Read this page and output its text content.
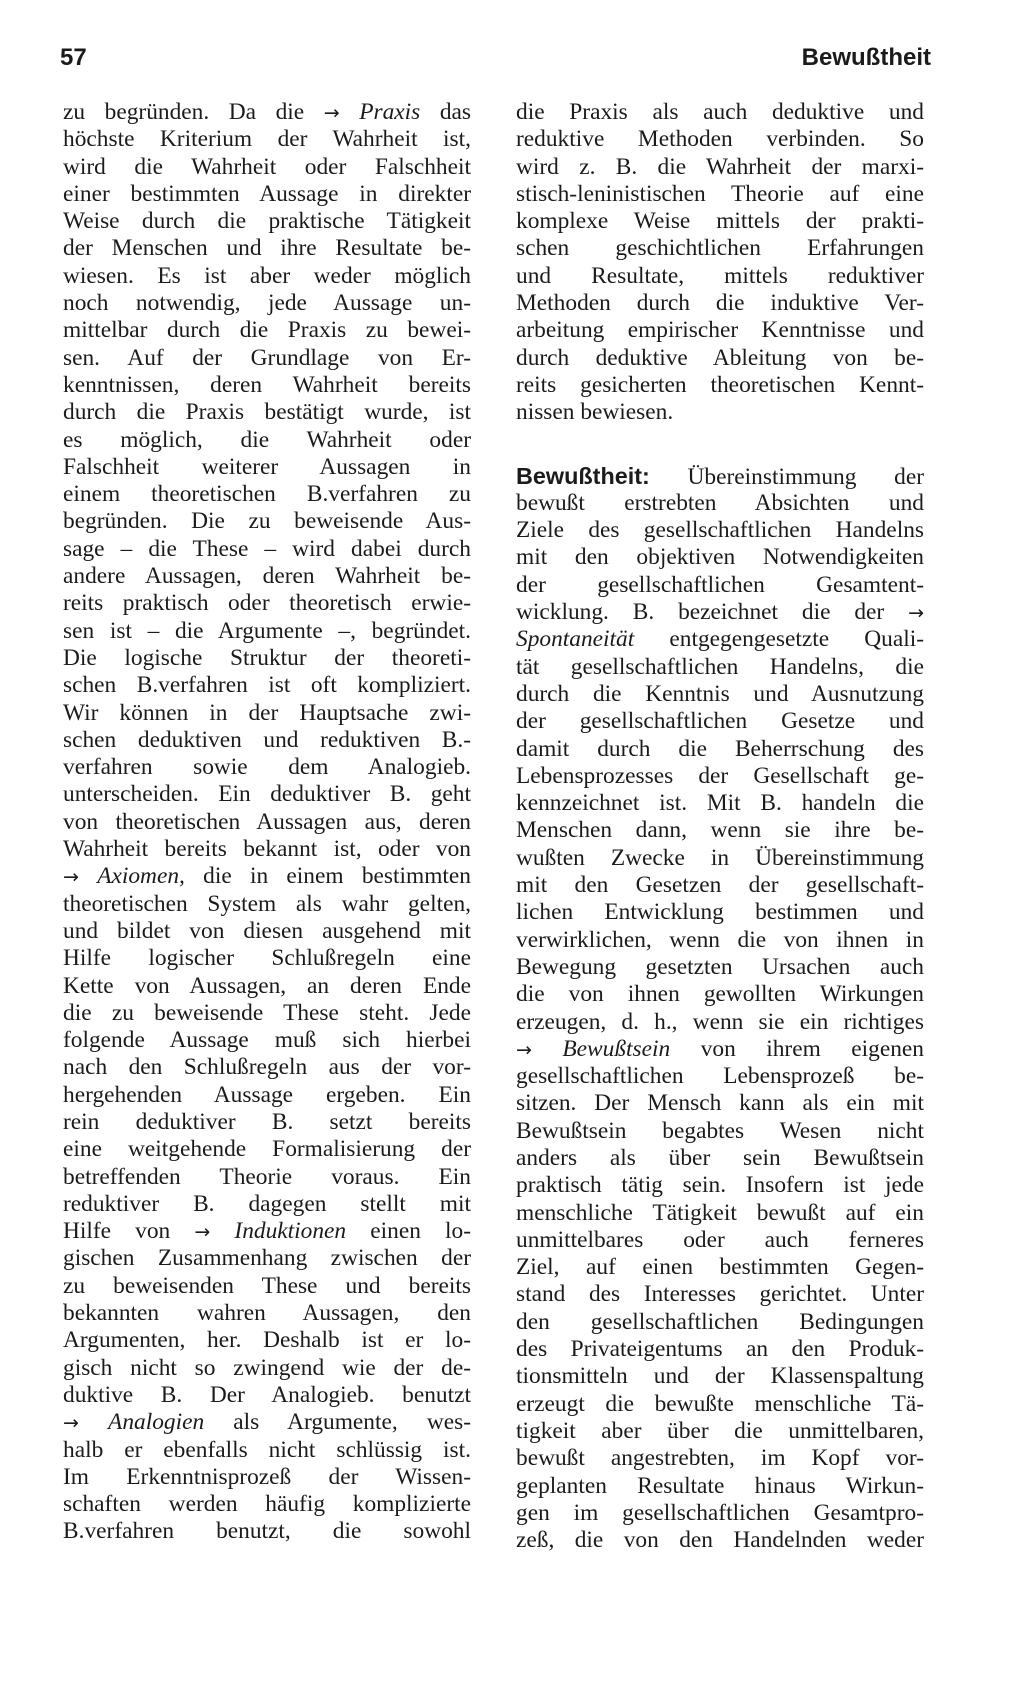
57	Bewußtheit
zu begründen. Da die → Praxis das
höchste Kriterium der Wahrheit ist,
wird die Wahrheit oder Falschheit
einer bestimmten Aussage in direkter
Weise durch die praktische Tätigkeit
der Menschen und ihre Resultate be-
wiesen. Es ist aber weder möglich
noch notwendig, jede Aussage un-
mittelbar durch die Praxis zu bewei-
sen. Auf der Grundlage von Er-
kenntnissen, deren Wahrheit bereits
durch die Praxis bestätigt wurde, ist
es möglich, die Wahrheit oder
Falschheit weiterer Aussagen in
einem theoretischen B.verfahren zu
begründen. Die zu beweisende Aus-
sage – die These – wird dabei durch
andere Aussagen, deren Wahrheit be-
reits praktisch oder theoretisch erwie-
sen ist – die Argumente –, begründet.
Die logische Struktur der theoreti-
schen B.verfahren ist oft kompliziert.
Wir können in der Hauptsache zwi-
schen deduktiven und reduktiven B.-
verfahren sowie dem Analogieb.
unterscheiden. Ein deduktiver B. geht
von theoretischen Aussagen aus, deren
Wahrheit bereits bekannt ist, oder von
→ Axiomen, die in einem bestimmten
theoretischen System als wahr gelten,
und bildet von diesen ausgehend mit
Hilfe logischer Schlußregeln eine
Kette von Aussagen, an deren Ende
die zu beweisende These steht. Jede
folgende Aussage muß sich hierbei
nach den Schlußregeln aus der vor-
hergehenden Aussage ergeben. Ein
rein deduktiver B. setzt bereits
eine weitgehende Formalisierung der
betreffenden Theorie voraus. Ein
reduktiver B. dagegen stellt mit
Hilfe von → Induktionen einen lo-
gischen Zusammenhang zwischen der
zu beweisenden These und bereits
bekannten wahren Aussagen, den
Argumenten, her. Deshalb ist er lo-
gisch nicht so zwingend wie der de-
duktive B. Der Analogieb. benutzt
→ Analogien als Argumente, wes-
halb er ebenfalls nicht schlüssig ist.
Im Erkenntnisprozeß der Wissen-
schaften werden häufig komplizierte
B.verfahren benutzt, die sowohl
die Praxis als auch deduktive und
reduktive Methoden verbinden. So
wird z. B. die Wahrheit der marxi-
stisch-leninistischen Theorie auf eine
komplexe Weise mittels der prakti-
schen geschichtlichen Erfahrungen
und Resultate, mittels reduktiver
Methoden durch die induktive Ver-
arbeitung empirischer Kenntnisse und
durch deduktive Ableitung von be-
reits gesicherten theoretischen Kennt-
nissen bewiesen.
Bewußtheit: Übereinstimmung der
bewußt erstrebten Absichten und
Ziele des gesellschaftlichen Handelns
mit den objektiven Notwendigkeiten
der gesellschaftlichen Gesamtent-
wicklung. B. bezeichnet die der →
Spontaneität entgegengesetzte Quali-
tät gesellschaftlichen Handelns, die
durch die Kenntnis und Ausnutzung
der gesellschaftlichen Gesetze und
damit durch die Beherrschung des
Lebensprozesses der Gesellschaft ge-
kennzeichnet ist. Mit B. handeln die
Menschen dann, wenn sie ihre be-
wußten Zwecke in Übereinstimmung
mit den Gesetzen der gesellschaft-
lichen Entwicklung bestimmen und
verwirklichen, wenn die von ihnen in
Bewegung gesetzten Ursachen auch
die von ihnen gewollten Wirkungen
erzeugen, d. h., wenn sie ein richtiges
→ Bewußtsein von ihrem eigenen
gesellschaftlichen Lebensprozeß be-
sitzen. Der Mensch kann als ein mit
Bewußtsein begabtes Wesen nicht
anders als über sein Bewußtsein
praktisch tätig sein. Insofern ist jede
menschliche Tätigkeit bewußt auf ein
unmittelbares oder auch ferneres
Ziel, auf einen bestimmten Gegen-
stand des Interesses gerichtet. Unter
den gesellschaftlichen Bedingungen
des Privateigentums an den Produk-
tionsmitteln und der Klassenspaltung
erzeugt die bewußte menschliche Tä-
tigkeit aber über die unmittelbaren,
bewußt angestrebten, im Kopf vor-
geplanten Resultate hinaus Wirkun-
gen im gesellschaftlichen Gesamtpro-
zeß, die von den Handelnden weder
